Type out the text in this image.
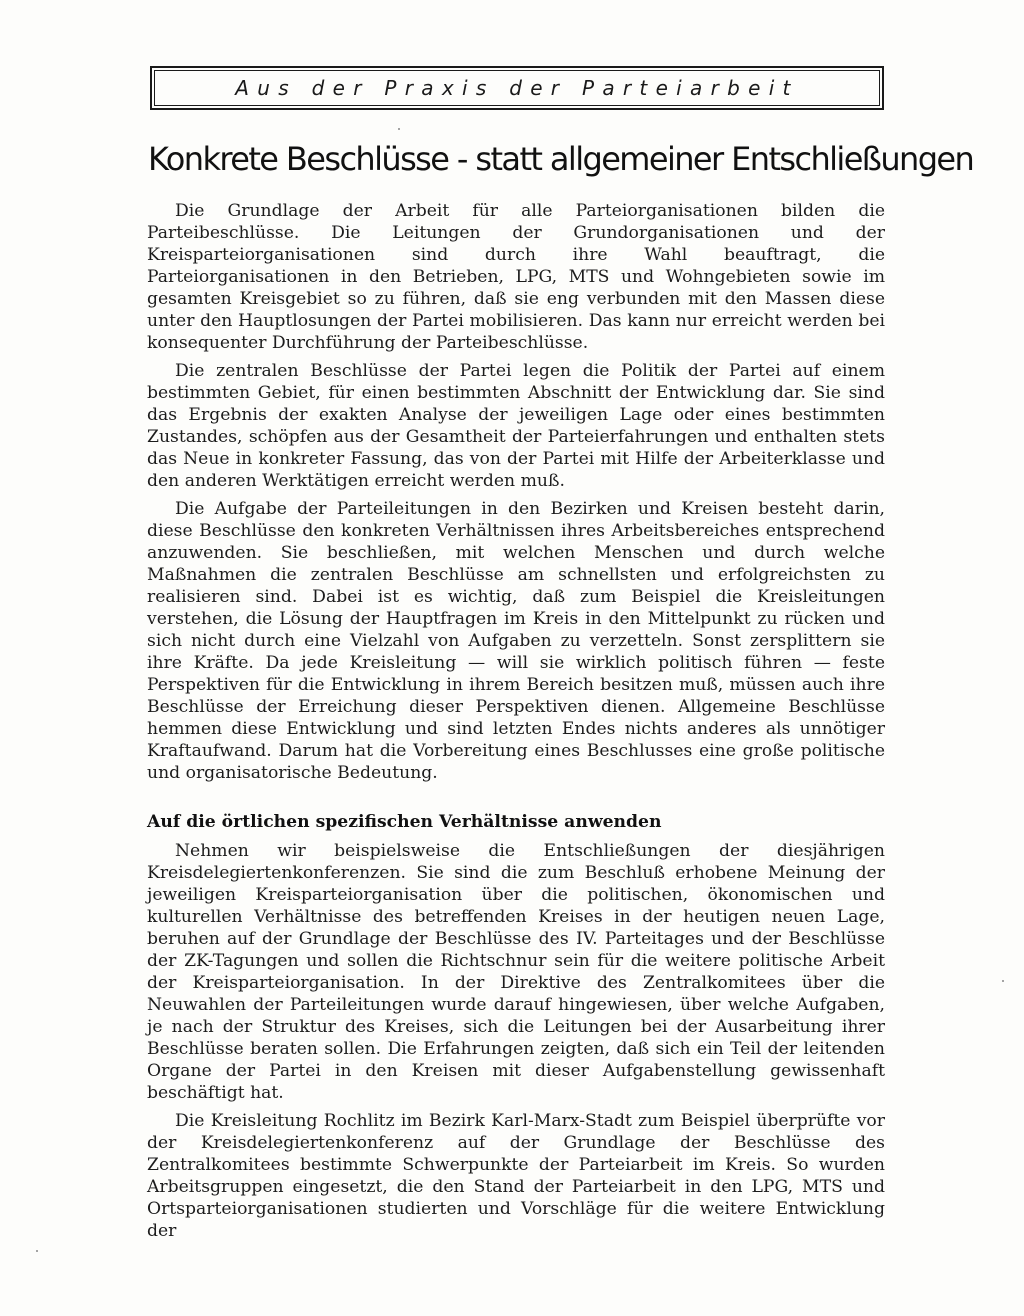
Aus der Praxis der Parteiarbeit
Konkrete Beschlüsse - statt allgemeiner Entschließungen

Die Grundlage der Arbeit für alle Parteiorganisationen bilden die Parteibeschlüsse. Die Leitungen der Grundorganisationen und der Kreisparteiorganisationen sind durch ihre Wahl beauftragt, die Parteiorganisationen in den Betrieben, LPG, MTS und Wohngebieten sowie im gesamten Kreisgebiet so zu führen, daß sie eng verbunden mit den Massen diese unter den Hauptlosungen der Partei mobilisieren. Das kann nur erreicht werden bei konsequenter Durchführung der Parteibeschlüsse.

Die zentralen Beschlüsse der Partei legen die Politik der Partei auf einem bestimmten Gebiet, für einen bestimmten Abschnitt der Entwicklung dar. Sie sind das Ergebnis der exakten Analyse der jeweiligen Lage oder eines bestimmten Zustandes, schöpfen aus der Gesamtheit der Parteierfahrungen und enthalten stets das Neue in konkreter Fassung, das von der Partei mit Hilfe der Arbeiterklasse und den anderen Werktätigen erreicht werden muß.

Die Aufgabe der Parteileitungen in den Bezirken und Kreisen besteht darin, diese Beschlüsse den konkreten Verhältnissen ihres Arbeitsbereiches entsprechend anzuwenden. Sie beschließen, mit welchen Menschen und durch welche Maßnahmen die zentralen Beschlüsse am schnellsten und erfolgreichsten zu realisieren sind. Dabei ist es wichtig, daß zum Beispiel die Kreisleitungen verstehen, die Lösung der Hauptfragen im Kreis in den Mittelpunkt zu rücken und sich nicht durch eine Vielzahl von Aufgaben zu verzetteln. Sonst zersplittern sie ihre Kräfte. Da jede Kreisleitung — will sie wirklich politisch führen — feste Perspektiven für die Entwicklung in ihrem Bereich besitzen muß, müssen auch ihre Beschlüsse der Erreichung dieser Perspektiven dienen. Allgemeine Beschlüsse hemmen diese Entwicklung und sind letzten Endes nichts anderes als unnötiger Kraftaufwand. Darum hat die Vorbereitung eines Beschlusses eine große politische und organisatorische Bedeutung.

Auf die örtlichen spezifischen Verhältnisse anwenden

Nehmen wir beispielsweise die Entschließungen der diesjährigen Kreisdelegiertenkonferenzen. Sie sind die zum Beschluß erhobene Meinung der jeweiligen Kreisparteiorganisation über die politischen, ökonomischen und kulturellen Verhältnisse des betreffenden Kreises in der heutigen neuen Lage, beruhen auf der Grundlage der Beschlüsse des IV. Parteitages und der Beschlüsse der ZK-Tagungen und sollen die Richtschnur sein für die weitere politische Arbeit der Kreisparteiorganisation. In der Direktive des Zentralkomitees über die Neuwahlen der Parteileitungen wurde darauf hingewiesen, über welche Aufgaben, je nach der Struktur des Kreises, sich die Leitungen bei der Ausarbeitung ihrer Beschlüsse beraten sollen. Die Erfahrungen zeigten, daß sich ein Teil der leitenden Organe der Partei in den Kreisen mit dieser Aufgabenstellung gewissenhaft beschäftigt hat.

Die Kreisleitung Rochlitz im Bezirk Karl-Marx-Stadt zum Beispiel überprüfte vor der Kreisdelegiertenkonferenz auf der Grundlage der Beschlüsse des Zentralkomitees bestimmte Schwerpunkte der Parteiarbeit im Kreis. So wurden Arbeitsgruppen eingesetzt, die den Stand der Parteiarbeit in den LPG, MTS und Ortsparteiorganisationen studierten und Vorschläge für die weitere Entwicklung der
